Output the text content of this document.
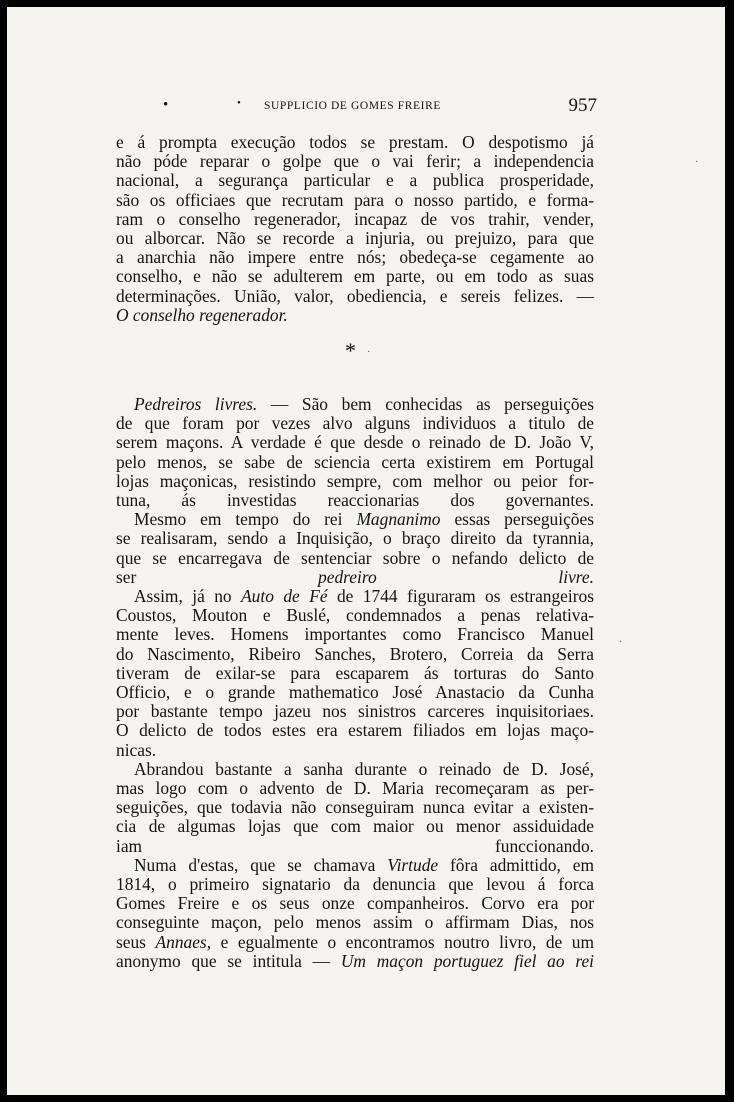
•	• SUPPLICIO DE GOMES FREIRE	957
e á prompta execução todos se prestam. O despotismo já
não póde reparar o golpe que o vai ferir; a independencia
nacional, a segurança particular e a publica prosperidade,
são os officiaes que recrutam para o nosso partido, e forma-
ram o conselho regenerador, incapaz de vos trahir, vender,
ou alborcar. Não se recorde a injuria, ou prejuizo, para que
a anarchia não impere entre nós; obedeça-se cegamente ao
conselho, e não se adulterem em parte, ou em todo as suas
determinações. União, valor, obediencia, e sereis felizes. —
O conselho regenerador.
*
Pedreiros livres. — São bem conhecidas as perseguições
de que foram por vezes alvo alguns individuos a titulo de
serem maçons. A verdade é que desde o reinado de D. João V,
pelo menos, se sabe de sciencia certa existirem em Portugal
lojas maçonicas, resistindo sempre, com melhor ou peior for-
tuna, ás investidas reaccionarias dos governantes.
Mesmo em tempo do rei Magnanimo essas perseguições
se realisaram, sendo a Inquisição, o braço direito da tyrannia,
que se encarregava de sentenciar sobre o nefando delicto de
ser pedreiro livre.
Assim, já no Auto de Fé de 1744 figuraram os estrangeiros
Coustos, Mouton e Buslé, condemnados a penas relativa-
mente leves. Homens importantes como Francisco Manuel
do Nascimento, Ribeiro Sanches, Brotero, Correia da Serra
tiveram de exilar-se para escaparem ás torturas do Santo
Officio, e o grande mathematico José Anastacio da Cunha
por bastante tempo jazeu nos sinistros carceres inquisitoriaes.
O delicto de todos estes era estarem filiados em lojas maço-
nicas.
Abrandou bastante a sanha durante o reinado de D. José,
mas logo com o advento de D. Maria recomeçaram as per-
seguições, que todavia não conseguiram nunca evitar a existen-
cia de algumas lojas que com maior ou menor assiduidade
iam funccionando.
Numa d'estas, que se chamava Virtude fôra admittido, em
1814, o primeiro signatario da denuncia que levou á forca
Gomes Freire e os seus onze companheiros. Corvo era por
conseguinte maçon, pelo menos assim o affirmam Dias, nos
seus Annaes, e egualmente o encontramos noutro livro, de um
anonymo que se intitula — Um maçon portuguez fiel ao rei
·
·
·
